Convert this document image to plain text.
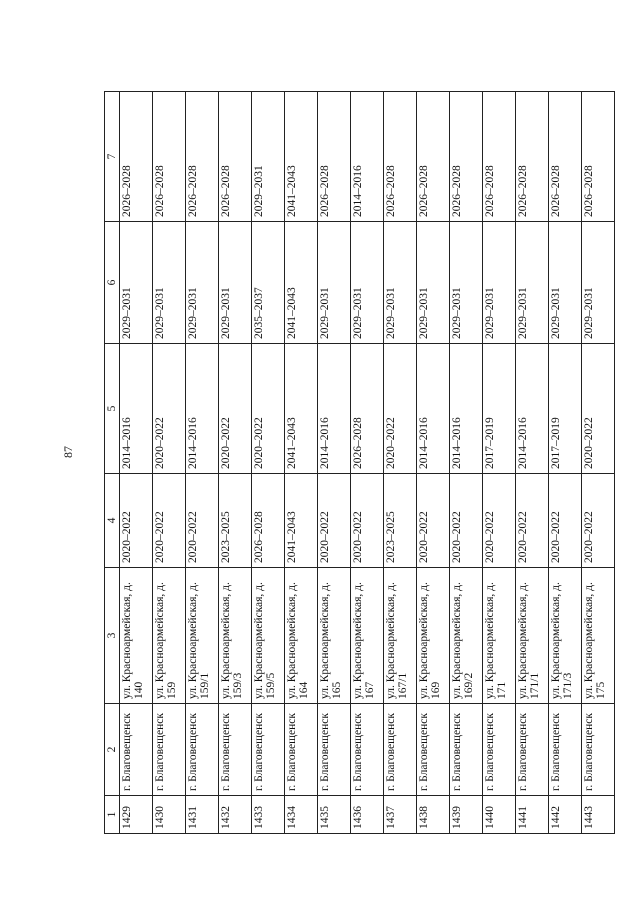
87
1	2	3	4	5	6	7
1429	г. Благовещенск	ул. Красноармейская, д. 140	2020–2022	2014–2016	2029–2031	2026–2028
1430	г. Благовещенск	ул. Красноармейская, д. 159	2020–2022	2020–2022	2029–2031	2026–2028
1431	г. Благовещенск	ул. Красноармейская, д. 159/1	2020–2022	2014–2016	2029–2031	2026–2028
1432	г. Благовещенск	ул. Красноармейская, д. 159/3	2023–2025	2020–2022	2029–2031	2026–2028
1433	г. Благовещенск	ул. Красноармейская, д. 159/5	2026–2028	2020–2022	2035–2037	2029–2031
1434	г. Благовещенск	ул. Красноармейская, д. 164	2041–2043	2041–2043	2041–2043	2041–2043
1435	г. Благовещенск	ул. Красноармейская, д. 165	2020–2022	2014–2016	2029–2031	2026–2028
1436	г. Благовещенск	ул. Красноармейская, д. 167	2020–2022	2026–2028	2029–2031	2014–2016
1437	г. Благовещенск	ул. Красноармейская, д. 167/1	2023–2025	2020–2022	2029–2031	2026–2028
1438	г. Благовещенск	ул. Красноармейская, д. 169	2020–2022	2014–2016	2029–2031	2026–2028
1439	г. Благовещенск	ул. Красноармейская, д. 169/2	2020–2022	2014–2016	2029–2031	2026–2028
1440	г. Благовещенск	ул. Красноармейская, д. 171	2020–2022	2017–2019	2029–2031	2026–2028
1441	г. Благовещенск	ул. Красноармейская, д. 171/1	2020–2022	2014–2016	2029–2031	2026–2028
1442	г. Благовещенск	ул. Красноармейская, д. 171/3	2020–2022	2017–2019	2029–2031	2026–2028
1443	г. Благовещенск	ул. Красноармейская, д. 175	2020–2022	2020–2022	2029–2031	2026–2028
